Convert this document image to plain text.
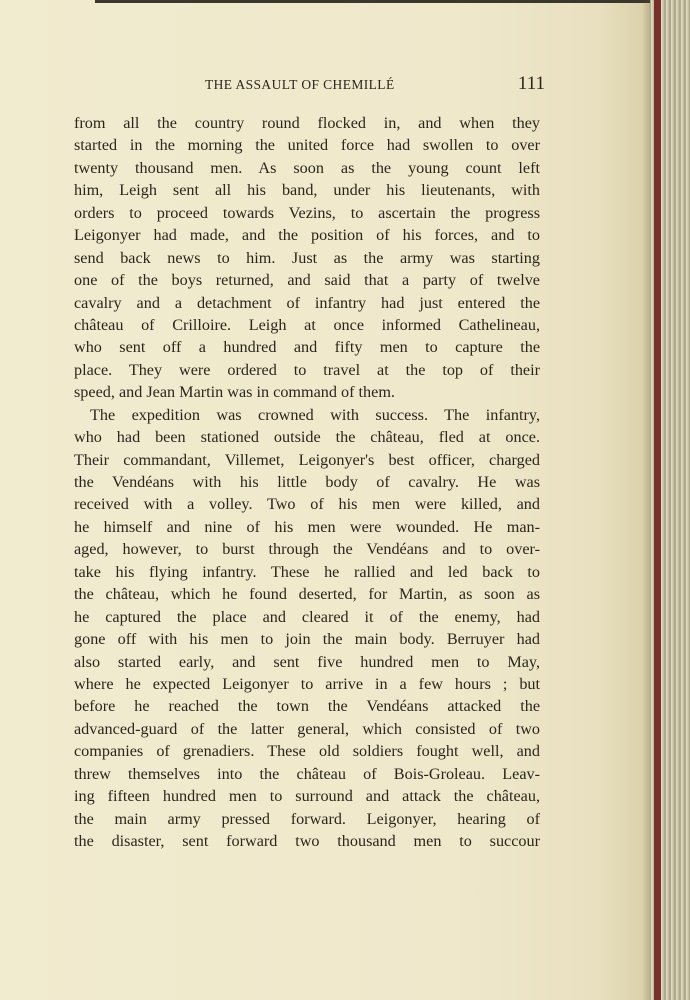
THE ASSAULT OF CHEMILLÉ	111
from all the country round flocked in, and when they
started in the morning the united force had swollen to over
twenty thousand men. As soon as the young count left
him, Leigh sent all his band, under his lieutenants, with
orders to proceed towards Vezins, to ascertain the progress
Leigonyer had made, and the position of his forces, and to
send back news to him. Just as the army was starting
one of the boys returned, and said that a party of twelve
cavalry and a detachment of infantry had just entered the
château of Crilloire. Leigh at once informed Cathelineau,
who sent off a hundred and fifty men to capture the
place. They were ordered to travel at the top of their
speed, and Jean Martin was in command of them.
The expedition was crowned with success. The infantry,
who had been stationed outside the château, fled at once.
Their commandant, Villemet, Leigonyer's best officer, charged
the Vendéans with his little body of cavalry. He was
received with a volley. Two of his men were killed, and
he himself and nine of his men were wounded. He man-
aged, however, to burst through the Vendéans and to over-
take his flying infantry. These he rallied and led back to
the château, which he found deserted, for Martin, as soon as
he captured the place and cleared it of the enemy, had
gone off with his men to join the main body. Berruyer had
also started early, and sent five hundred men to May,
where he expected Leigonyer to arrive in a few hours ; but
before he reached the town the Vendéans attacked the
advanced-guard of the latter general, which consisted of two
companies of grenadiers. These old soldiers fought well, and
threw themselves into the château of Bois-Groleau. Leav-
ing fifteen hundred men to surround and attack the château,
the main army pressed forward. Leigonyer, hearing of
the disaster, sent forward two thousand men to succour
